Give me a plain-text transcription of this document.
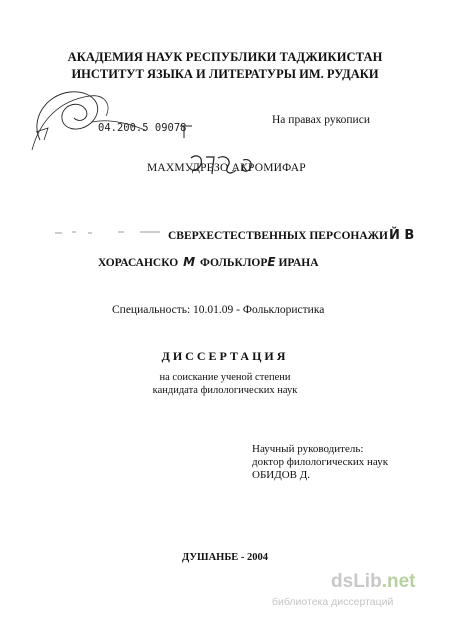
АКАДЕМИЯ НАУК РЕСПУБЛИКИ ТАДЖИКИСТАН
ИНСТИТУТ ЯЗЫКА И ЛИТЕРАТУРЫ ИМ. РУДАКИ
04.200.5 09078
На правах рукописи
МАХМУДРЕЗО АКРОМИФАР
СВЕРХЕСТЕСТВЕННЫХ ПЕРСОНАЖИЙ В
ХОРАСАНСКО М ФОЛЬКЛОРЕ ИРАНА
Специальность: 10.01.09 - Фольклористика
ДИССЕРТАЦИЯ
на соискание ученой степени
кандидата филологических наук
Научный руководитель:
доктор филологических наук
ОБИДОВ Д.
ДУШАНБЕ - 2004
dsLib.net
библиотека диссертаций
